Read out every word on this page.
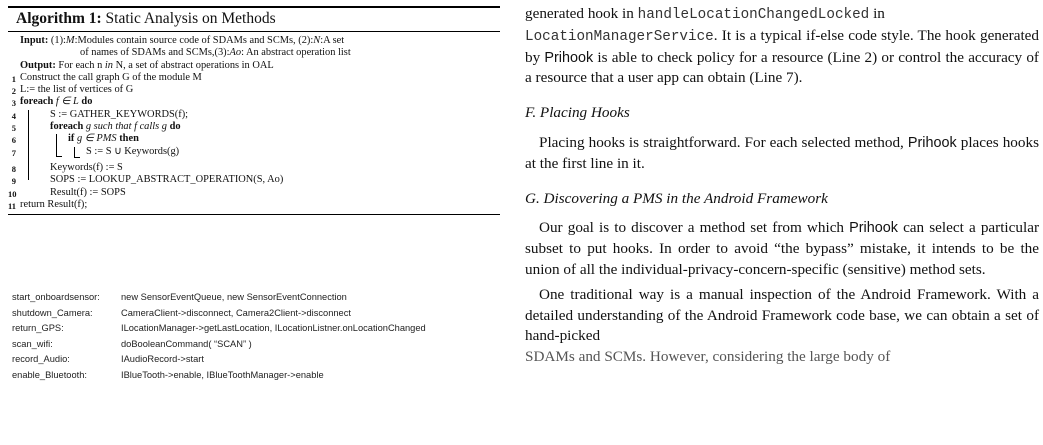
Algorithm 1: Static Analysis on Methods
Input: (1):M:Modules contain source code of SDAMs and SCMs, (2):N:A set
of names of SDAMs and SCMs,(3):Ao: An abstract operation list
Output: For each n in N, a set of abstract operations in OAL
1 Construct the call graph G of the module M
2 L:= the list of vertices of G
3 foreach f ∈ L do
4	S := GATHER_KEYWORDS(f);
5	foreach g such that f calls g do
6	if g ∈ PMS then
7	S := S ∪ Keywords(g)
8	Keywords(f) := S
9	SOPS := LOOKUP_ABSTRACT_OPERATION(S, Ao)
10	Result(f) := SOPS
11 return Result(f);
start_onboardsensor:	new SensorEventQueue, new SensorEventConnection
shutdown_Camera:	CameraClient->disconnect, Camera2Client->disconnect
return_GPS:	ILocationManager->getLastLocation, ILocationListner.onLocationChanged
scan_wifi:	doBooleanCommand( “SCAN” )
record_Audio:	IAudioRecord->start
enable_Bluetooth:	IBlueTooth->enable, IBlueToothManager->enable

generated hook in handleLocationChangedLocked in
LocationManagerService. It is a typical if-else code style. The hook generated by Prihook is able to check policy for a resource (Line 2) or control the accuracy of a resource that a user app can obtain (Line 7).

F. Placing Hooks

Placing hooks is straightforward. For each selected method, Prihook places hooks at the first line in it.

G. Discovering a PMS in the Android Framework

Our goal is to discover a method set from which Prihook can select a particular subset to put hooks. In order to avoid “the bypass” mistake, it intends to be the union of all the individual-privacy-concern-specific (sensitive) method sets.

One traditional way is a manual inspection of the Android Framework. With a detailed understanding of the Android Framework code base, we can obtain a set of hand-picked
SDAMs and SCMs. However, considering the large body of
